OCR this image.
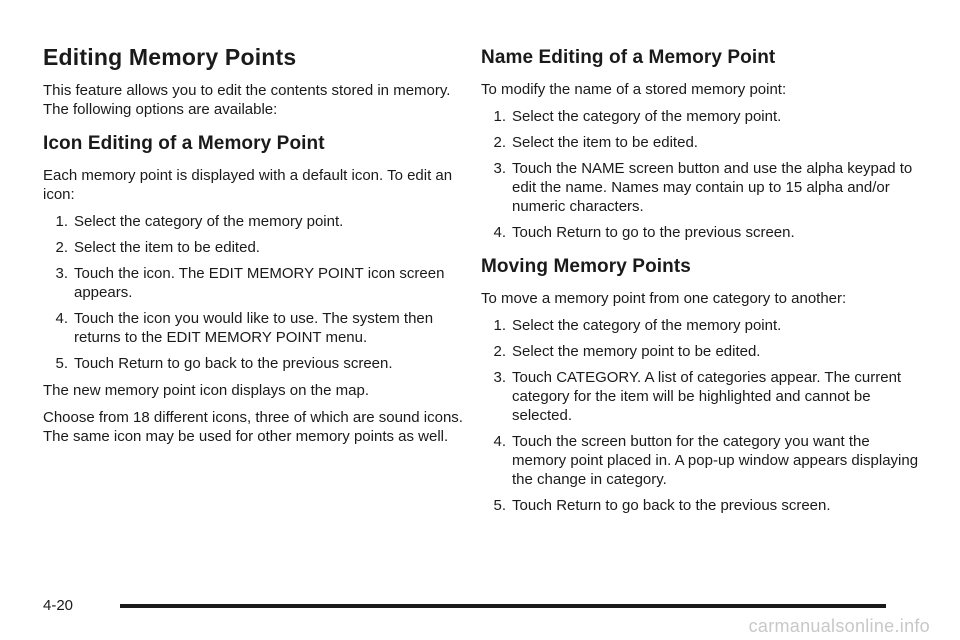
Editing Memory Points

This feature allows you to edit the contents stored in memory. The following options are available:

Icon Editing of a Memory Point

Each memory point is displayed with a default icon. To edit an icon:

1. Select the category of the memory point.
2. Select the item to be edited.
3. Touch the icon. The EDIT MEMORY POINT icon screen appears.
4. Touch the icon you would like to use. The system then returns to the EDIT MEMORY POINT menu.
5. Touch Return to go back to the previous screen.

The new memory point icon displays on the map.

Choose from 18 different icons, three of which are sound icons. The same icon may be used for other memory points as well.

Name Editing of a Memory Point

To modify the name of a stored memory point:

1. Select the category of the memory point.
2. Select the item to be edited.
3. Touch the NAME screen button and use the alpha keypad to edit the name. Names may contain up to 15 alpha and/or numeric characters.
4. Touch Return to go to the previous screen.
Moving Memory Points

To move a memory point from one category to another:

1. Select the category of the memory point.
2. Select the memory point to be edited.
3. Touch CATEGORY. A list of categories appear. The current category for the item will be highlighted and cannot be selected.
4. Touch the screen button for the category you want the memory point placed in. A pop-up window appears displaying the change in category.
5. Touch Return to go back to the previous screen.
4-20
carmanualsonline.info
